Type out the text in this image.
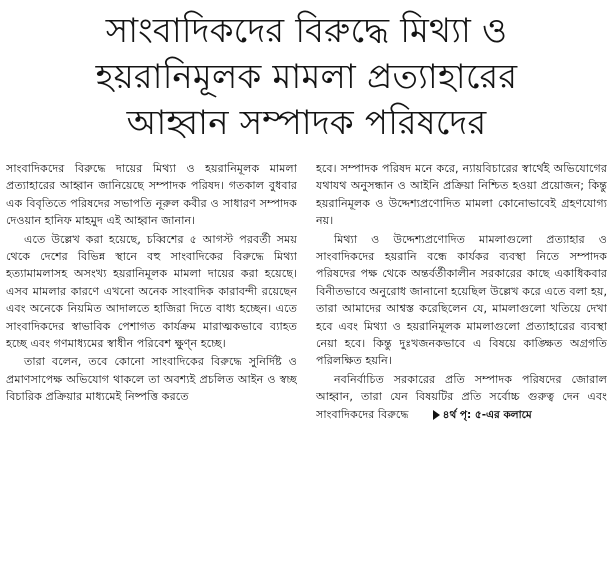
সাংবাদিকদের বিরুদ্ধে মিথ্যা ও
হয়রানিমূলক মামলা প্রত্যাহারের
আহ্বান সম্পাদক পরিষদের

সাংবাদিকদের বিরুদ্ধে দায়ের মিথ্যা ও হয়রানিমূলক মামলা প্রত্যাহারের আহ্বান জানিয়েছে সম্পাদক পরিষদ। গতকাল বুধবার এক বিবৃতিতে পরিষদের সভাপতি নূরুল কবীর ও সাধারণ সম্পাদক দেওয়ান হানিফ মাহমুদ এই আহ্বান জানান।

এতে উল্লেখ করা হয়েছে, চব্বিশের ৫ আগস্ট পরবর্তী সময় থেকে দেশের বিভিন্ন স্থানে বহু সাংবাদিকের বিরুদ্ধে মিথ্যা হত্যামামলাসহ অসংখ্য হয়রানিমূলক মামলা দায়ের করা হয়েছে। এসব মামলার কারণে এখনো অনেক সাংবাদিক কারাবন্দী রয়েছেন এবং অনেকে নিয়মিত আদালতে হাজিরা দিতে বাধ্য হচ্ছেন। এতে সাংবাদিকদের স্বাভাবিক পেশাগত কার্যক্রম মারাত্মকভাবে ব্যাহত হচ্ছে এবং গণমাধ্যমের স্বাধীন পরিবেশ ক্ষুণ্ন হচ্ছে।

তারা বলেন, তবে কোনো সাংবাদিকের বিরুদ্ধে সুনির্দিষ্ট ও প্রমাণসাপেক্ষ অভিযোগ থাকলে তা অবশ্যই প্রচলিত আইন ও স্বচ্ছ বিচারিক প্রক্রিয়ার মাধ্যমেই নিষ্পত্তি করতে

হবে। সম্পাদক পরিষদ মনে করে, ন্যায়বিচারের স্বার্থেই অভিযোগের যথাযথ অনুসন্ধান ও আইনি প্রক্রিয়া নিশ্চিত হওয়া প্রয়োজন; কিন্তু হয়রানিমূলক ও উদ্দেশ্যপ্রণোদিত মামলা কোনোভাবেই গ্রহণযোগ্য নয়।

মিথ্যা ও উদ্দেশ্যপ্রণোদিত মামলাগুলো প্রত্যাহার ও সাংবাদিকদের হয়রানি বন্ধে কার্যকর ব্যবস্থা নিতে সম্পাদক পরিষদের পক্ষ থেকে অন্তর্বর্তীকালীন সরকারের কাছে একাধিকবার বিনীতভাবে অনুরোধ জানানো হয়েছিল উল্লেখ করে এতে বলা হয়, তারা আমাদের আশ্বস্ত করেছিলেন যে, মামলাগুলো খতিয়ে দেখা হবে এবং মিথ্যা ও হয়রানিমূলক মামলাগুলো প্রত্যাহারের ব্যবস্থা নেয়া হবে। কিন্তু দুঃখজনকভাবে এ বিষয়ে কাঙ্ক্ষিত অগ্রগতি পরিলক্ষিত হয়নি।

নবনির্বাচিত সরকারের প্রতি সম্পাদক পরিষদের জোরাল আহ্বান, তারা যেন বিষয়টির প্রতি সর্বোচ্চ গুরুত্ব দেন এবং সাংবাদিকদের বিরুদ্ধে	৪র্থ পৃ: ৫-এর কলামে
